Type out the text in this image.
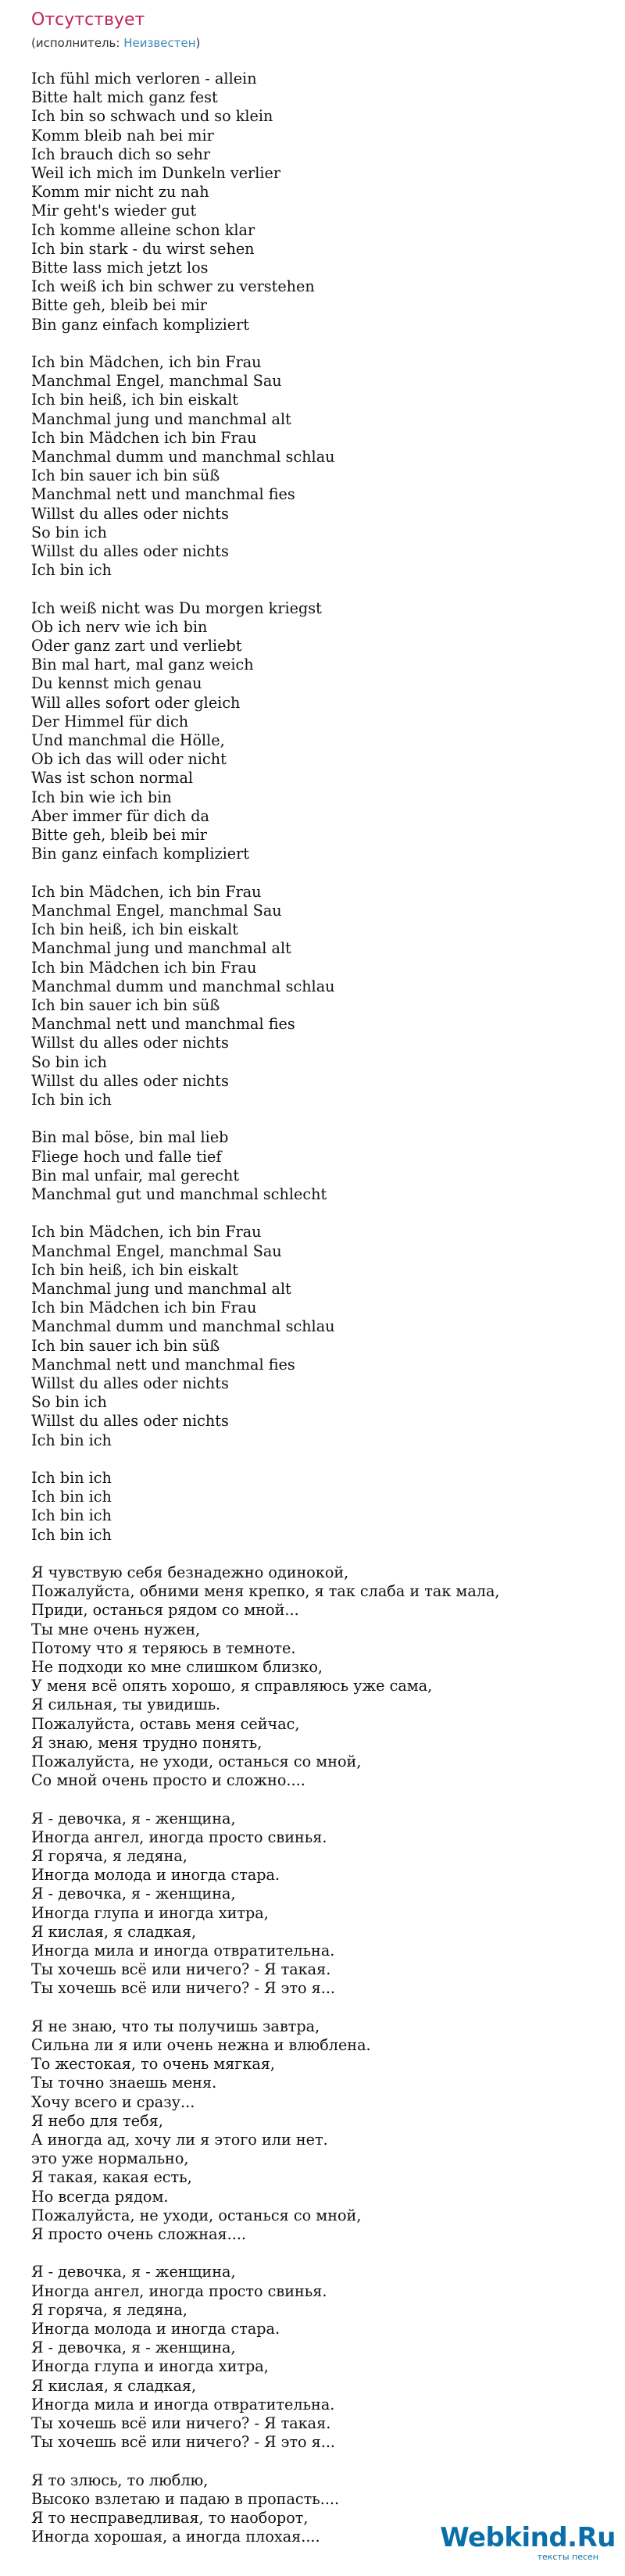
Отсутствует

(исполнитель: Неизвестен)

Ich fühl mich verloren - allein
Bitte halt mich ganz fest
Ich bin so schwach und so klein
Komm bleib nah bei mir
Ich brauch dich so sehr
Weil ich mich im Dunkeln verlier
Komm mir nicht zu nah
Mir geht's wieder gut
Ich komme alleine schon klar
Ich bin stark - du wirst sehen
Bitte lass mich jetzt los
Ich weiß ich bin schwer zu verstehen
Bitte geh, bleib bei mir
Bin ganz einfach kompliziert
Ich bin Mädchen, ich bin Frau
Manchmal Engel, manchmal Sau
Ich bin heiß, ich bin eiskalt
Manchmal jung und manchmal alt
Ich bin Mädchen ich bin Frau
Manchmal dumm und manchmal schlau
Ich bin sauer ich bin süß
Manchmal nett und manchmal fies
Willst du alles oder nichts
So bin ich
Willst du alles oder nichts
Ich bin ich
Ich weiß nicht was Du morgen kriegst
Ob ich nerv wie ich bin
Oder ganz zart und verliebt
Bin mal hart, mal ganz weich
Du kennst mich genau
Will alles sofort oder gleich
Der Himmel für dich
Und manchmal die Hölle,
Ob ich das will oder nicht
Was ist schon normal
Ich bin wie ich bin
Aber immer für dich da
Bitte geh, bleib bei mir
Bin ganz einfach kompliziert
Ich bin Mädchen, ich bin Frau
Manchmal Engel, manchmal Sau
Ich bin heiß, ich bin eiskalt
Manchmal jung und manchmal alt
Ich bin Mädchen ich bin Frau
Manchmal dumm und manchmal schlau
Ich bin sauer ich bin süß
Manchmal nett und manchmal fies
Willst du alles oder nichts
So bin ich
Willst du alles oder nichts
Ich bin ich
Bin mal böse, bin mal lieb
Fliege hoch und falle tief
Bin mal unfair, mal gerecht
Manchmal gut und manchmal schlecht
Ich bin Mädchen, ich bin Frau
Manchmal Engel, manchmal Sau
Ich bin heiß, ich bin eiskalt
Manchmal jung und manchmal alt
Ich bin Mädchen ich bin Frau
Manchmal dumm und manchmal schlau
Ich bin sauer ich bin süß
Manchmal nett und manchmal fies
Willst du alles oder nichts
So bin ich
Willst du alles oder nichts
Ich bin ich
Ich bin ich
Ich bin ich
Ich bin ich
Ich bin ich
Я чувствую себя безнадежно одинокой,
Пожалуйста, обними меня крепко, я так слаба и так мала,
Приди, останься рядом со мной...
Ты мне очень нужен,
Потому что я теряюсь в темноте.
Не подходи ко мне слишком близко,
У меня всё опять хорошо, я справляюсь уже сама,
Я сильная, ты увидишь.
Пожалуйста, оставь меня сейчас,
Я знаю, меня трудно понять,
Пожалуйста, не уходи, останься со мной,
Со мной очень просто и сложно....
Я - девочка, я - женщина,
Иногда ангел, иногда просто свинья.
Я горяча, я ледяна,
Иногда молода и иногда стара.
Я - девочка, я - женщина,
Иногда глупа и иногда хитра,
Я кислая, я сладкая,
Иногда мила и иногда отвратительна.
Ты хочешь всё или ничего? - Я такая.
Ты хочешь всё или ничего? - Я это я...
Я не знаю, что ты получишь завтра,
Сильна ли я или очень нежна и влюблена.
То жестокая, то очень мягкая,
Ты точно знаешь меня.
Хочу всего и сразу...
Я небо для тебя,
А иногда ад, хочу ли я этого или нет.
это уже нормально,
Я такая, какая есть,
Но всегда рядом.
Пожалуйста, не уходи, останься со мной,
Я просто очень сложная....
Я - девочка, я - женщина,
Иногда ангел, иногда просто свинья.
Я горяча, я ледяна,
Иногда молода и иногда стара.
Я - девочка, я - женщина,
Иногда глупа и иногда хитра,
Я кислая, я сладкая,
Иногда мила и иногда отвратительна.
Ты хочешь всё или ничего? - Я такая.
Ты хочешь всё или ничего? - Я это я...
Я то злюсь, то люблю,
Высоко взлетаю и падаю в пропасть....
Я то несправедливая, то наоборот,
Иногда хорошая, а иногда плохая....	Webkind.Ru
тексты песен
